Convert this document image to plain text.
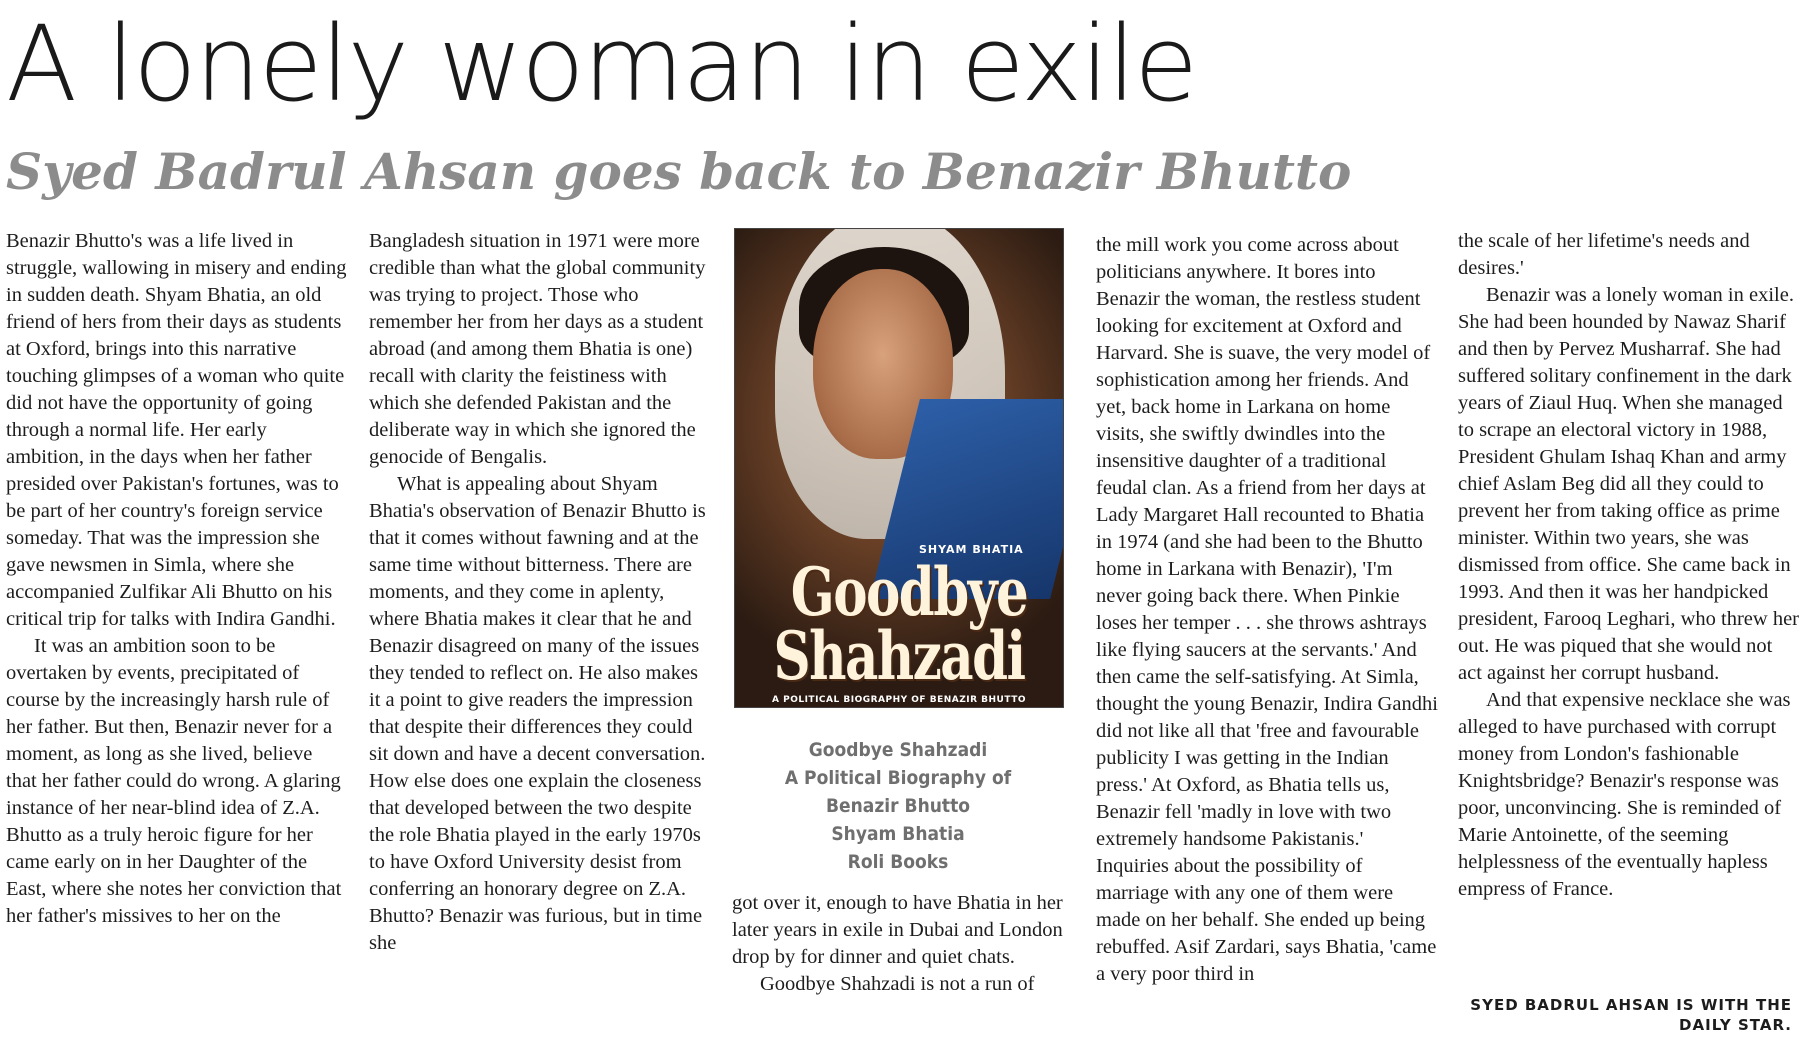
A lonely woman in exile
Syed Badrul Ahsan goes back to Benazir Bhutto

Benazir Bhutto's was a life lived in struggle, wallowing in misery and ending in sudden death. Shyam Bhatia, an old friend of hers from their days as students at Oxford, brings into this narrative touching glimpses of a woman who quite did not have the opportunity of going through a normal life. Her early ambition, in the days when her father presided over Pakistan's fortunes, was to be part of her country's foreign service someday. That was the impression she gave newsmen in Simla, where she accompanied Zulfikar Ali Bhutto on his critical trip for talks with Indira Gandhi.

It was an ambition soon to be overtaken by events, precipitated of course by the increasingly harsh rule of her father. But then, Benazir never for a moment, as long as she lived, believe that her father could do wrong. A glaring instance of her near-blind idea of Z.A. Bhutto as a truly heroic figure for her came early on in her Daughter of the East, where she notes her conviction that her father's missives to her on the

Bangladesh situation in 1971 were more credible than what the global community was trying to project. Those who remember her from her days as a student abroad (and among them Bhatia is one) recall with clarity the feistiness with which she defended Pakistan and the deliberate way in which she ignored the genocide of Bengalis.

What is appealing about Shyam Bhatia's observation of Benazir Bhutto is that it comes without fawning and at the same time without bitterness. There are moments, and they come in aplenty, where Bhatia makes it clear that he and Benazir disagreed on many of the issues they tended to reflect on. He also makes it a point to give readers the impression that despite their differences they could sit down and have a decent conversation. How else does one explain the closeness that developed between the two despite the role Bhatia played in the early 1970s to have Oxford University desist from conferring an honorary degree on Z.A. Bhutto? Benazir was furious, but in time she

SHYAM BHATIA
Goodbye
Shahzadi
A POLITICAL BIOGRAPHY OF BENAZIR BHUTTO
Goodbye Shahzadi
A Political Biography of Benazir Bhutto
Shyam Bhatia
Roli Books

got over it, enough to have Bhatia in her later years in exile in Dubai and London drop by for dinner and quiet chats.

Goodbye Shahzadi is not a run of

the mill work you come across about politicians anywhere. It bores into Benazir the woman, the restless student looking for excitement at Oxford and Harvard. She is suave, the very model of sophistication among her friends. And yet, back home in Larkana on home visits, she swiftly dwindles into the insensitive daughter of a traditional feudal clan. As a friend from her days at Lady Margaret Hall recounted to Bhatia in 1974 (and she had been to the Bhutto home in Larkana with Benazir), 'I'm never going back there. When Pinkie loses her temper . . . she throws ashtrays like flying saucers at the servants.' And then came the self-satisfying. At Simla, thought the young Benazir, Indira Gandhi did not like all that 'free and favourable publicity I was getting in the Indian press.' At Oxford, as Bhatia tells us, Benazir fell 'madly in love with two extremely handsome Pakistanis.' Inquiries about the possibility of marriage with any one of them were made on her behalf. She ended up being rebuffed. Asif Zardari, says Bhatia, 'came a very poor third in

the scale of her lifetime's needs and desires.'

Benazir was a lonely woman in exile. She had been hounded by Nawaz Sharif and then by Pervez Musharraf. She had suffered solitary confinement in the dark years of Ziaul Huq. When she managed to scrape an electoral victory in 1988, President Ghulam Ishaq Khan and army chief Aslam Beg did all they could to prevent her from taking office as prime minister. Within two years, she was dismissed from office. She came back in 1993. And then it was her handpicked president, Farooq Leghari, who threw her out. He was piqued that she would not act against her corrupt husband.

And that expensive necklace she was alleged to have purchased with corrupt money from London's fashionable Knightsbridge? Benazir's response was poor, unconvincing. She is reminded of Marie Antoinette, of the seeming helplessness of the eventually hapless empress of France.

SYED BADRUL AHSAN IS WITH THE DAILY STAR.
